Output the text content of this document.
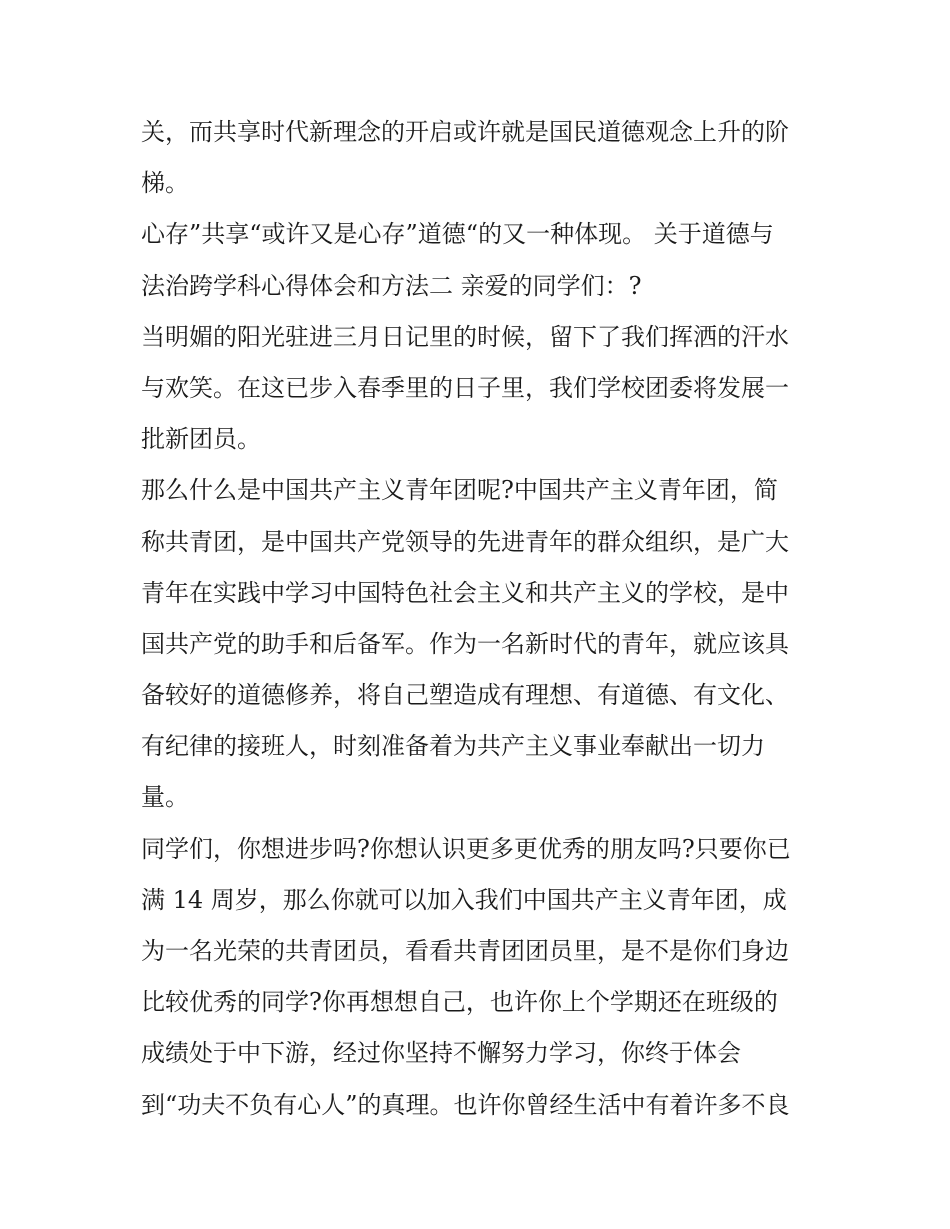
关，而共享时代新理念的开启或许就是国民道德观念上升的阶
梯。
心存”共享“或许又是心存”道德“的又一种体现。 关于道德与
法治跨学科心得体会和方法二 亲爱的同学们：?
当明媚的阳光驻进三月日记里的时候，留下了我们挥洒的汗水
与欢笑。在这已步入春季里的日子里，我们学校团委将发展一
批新团员。
那么什么是中国共产主义青年团呢?中国共产主义青年团，简
称共青团，是中国共产党领导的先进青年的群众组织，是广大
青年在实践中学习中国特色社会主义和共产主义的学校，是中
国共产党的助手和后备军。作为一名新时代的青年，就应该具
备较好的道德修养，将自己塑造成有理想、有道德、有文化、
有纪律的接班人，时刻准备着为共产主义事业奉献出一切力
量。
同学们，你想进步吗?你想认识更多更优秀的朋友吗?只要你已
满 14 周岁，那么你就可以加入我们中国共产主义青年团，成
为一名光荣的共青团员，看看共青团团员里，是不是你们身边
比较优秀的同学?你再想想自己，也许你上个学期还在班级的
成绩处于中下游，经过你坚持不懈努力学习，你终于体会
到“功夫不负有心人”的真理。也许你曾经生活中有着许多不良
